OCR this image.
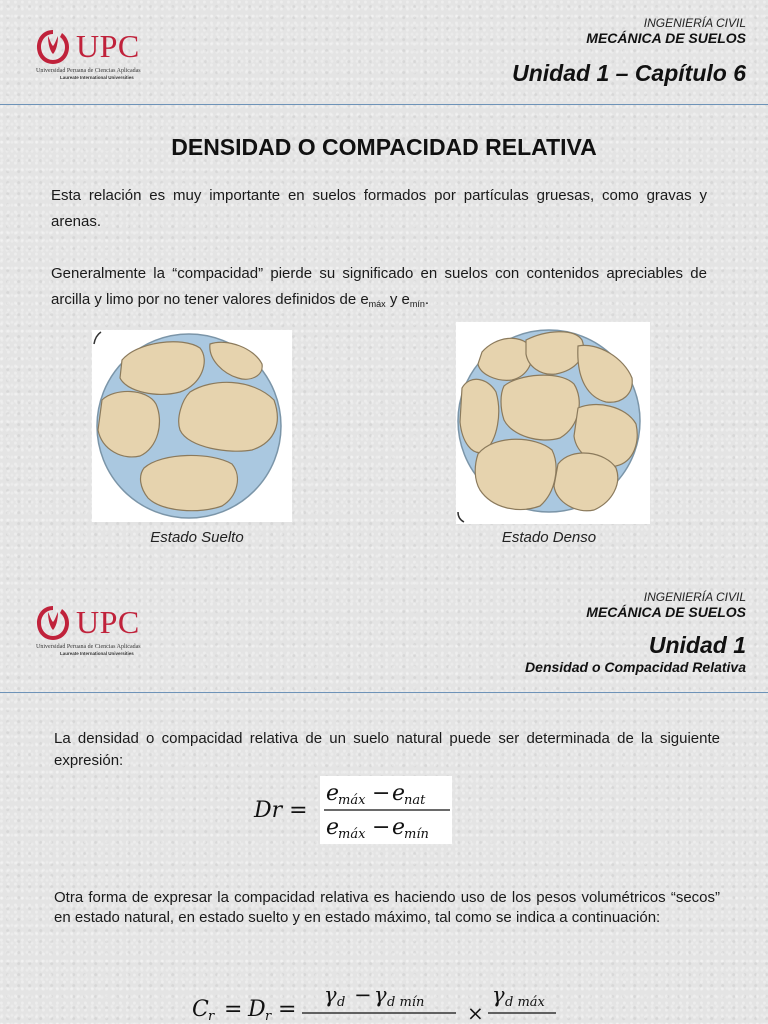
UPC
Universidad Peruana de Ciencias Aplicadas
Laureate International Universities
INGENIERÍA CIVIL
MECÁNICA DE SUELOS
Unidad 1 – Capítulo 6
DENSIDAD O COMPACIDAD RELATIVA
Esta relación es muy importante en suelos formados por partículas gruesas, como gravas y arenas.
Generalmente la “compacidad” pierde su significado en suelos con contenidos apreciables de arcilla y limo por no tener valores definidos de $e_{máx}$ y $e_{mín}$.
Estado Suelto	Estado Denso
UPC
Universidad Peruana de Ciencias Aplicadas
Laureate International Universities
INGENIERÍA CIVIL
MECÁNICA DE SUELOS
Unidad 1
Densidad o Compacidad Relativa
La densidad o compacidad relativa de un suelo natural puede ser determinada de la siguiente expresión:
Dr =
e
máx − e
nat
e
máx − e
mín
Otra forma de expresar la compacidad relativa es haciendo uso de los pesos volumétricos “secos” en estado natural, en estado suelto y en estado máximo, tal como se indica a continuación:
C r = D r =
γ d − γ d mín ×
γ d máx
